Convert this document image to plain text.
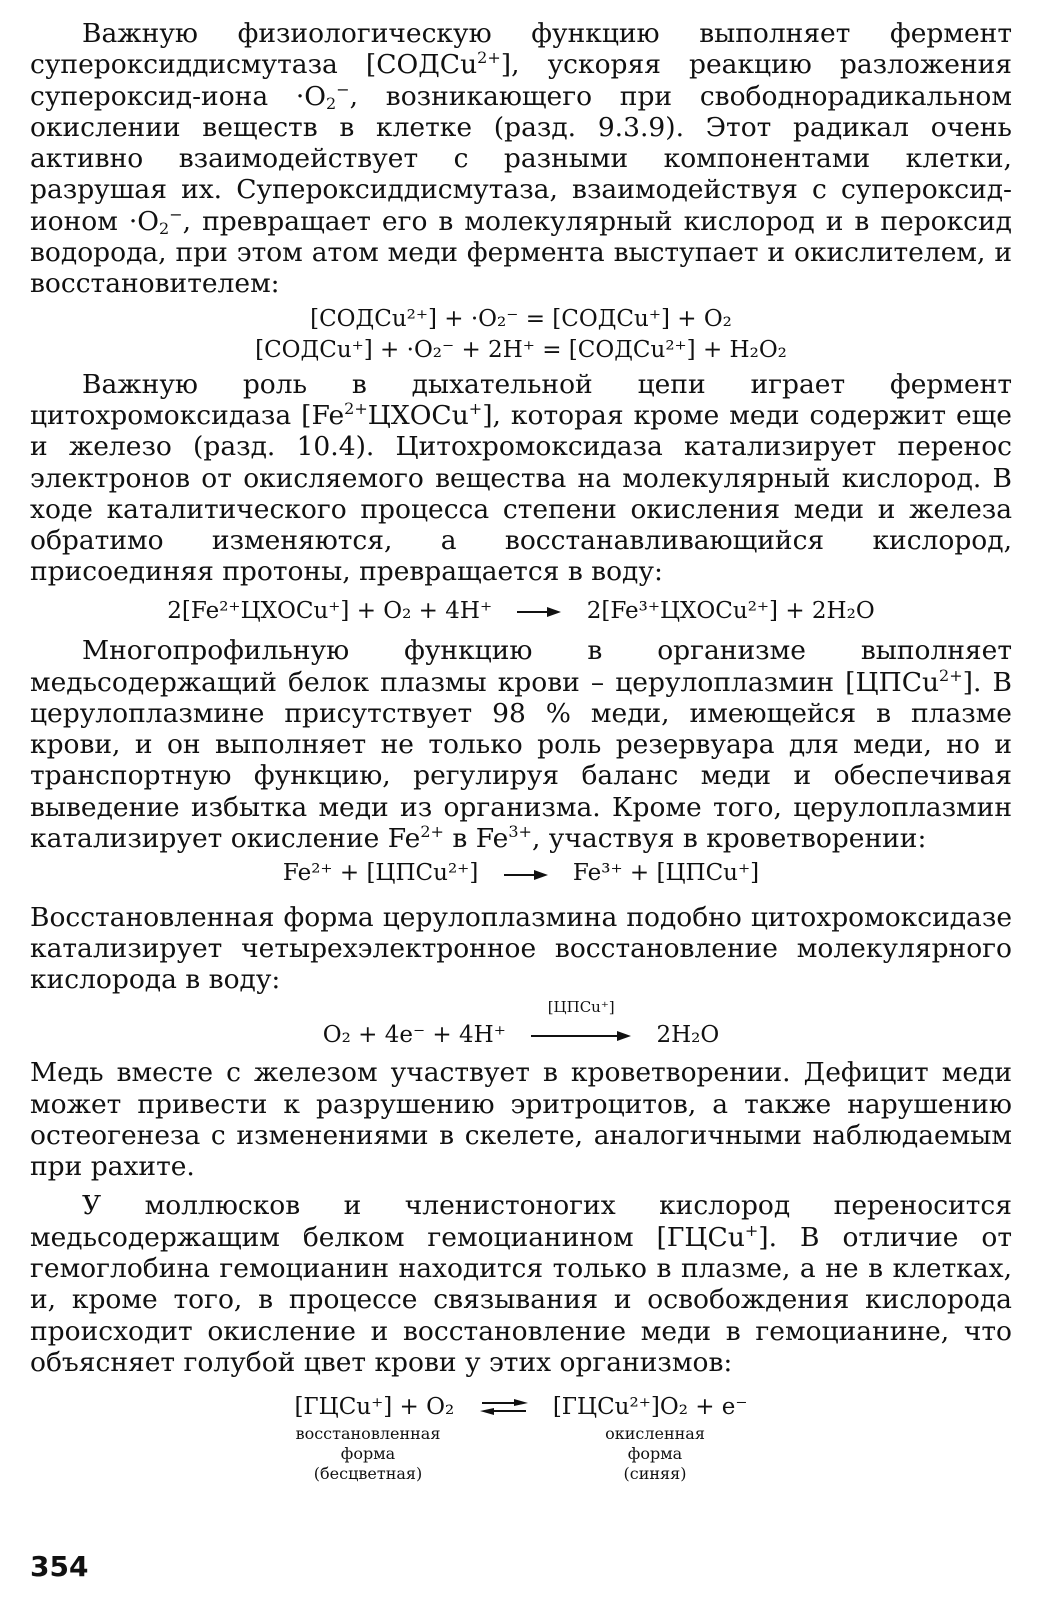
Важную физиологическую функцию выполняет фермент супероксиддисмутаза [СОДCu$^{2+}$], ускоряя реакцию разложения супероксид-иона $\cdot O_2^-$, возникающего при свободнорадикальном окислении веществ в клетке (разд. 9.3.9). Этот радикал очень активно взаимодействует с разными компонентами клетки, разрушая их. Супероксиддисмутаза, взаимодействуя с супероксид-ионом $\cdot O_2^-$, превращает его в молекулярный кислород и в пероксид водорода, при этом атом меди фермента выступает и окислителем, и восстановителем:

[СОДCu²⁺] + ·O₂⁻ = [СОДCu⁺] + O₂
[СОДCu⁺] + ·O₂⁻ + 2H⁺ = [СОДCu²⁺] + H₂O₂

Важную роль в дыхательной цепи играет фермент цитохромоксидаза $[Fe^{2+}ЦХОCu^+]$, которая кроме меди содержит еще и железо (разд. 10.4). Цитохромоксидаза катализирует перенос электронов от окисляемого вещества на молекулярный кислород. В ходе каталитического процесса степени окисления меди и железа обратимо изменяются, а восстанавливающийся кислород, присоединяя протоны, превращается в воду:

2[Fe²⁺ЦХОCu⁺] + O₂ + 4H⁺	2[Fe³⁺ЦХОCu²⁺] + 2H₂O

Многопрофильную функцию в организме выполняет медьсодержащий белок плазмы крови – церулоплазмин [ЦПCu$^{2+}$]. В церулоплазмине присутствует 98 % меди, имеющейся в плазме крови, и он выполняет не только роль резервуара для меди, но и транспортную функцию, регулируя баланс меди и обеспечивая выведение избытка меди из организма. Кроме того, церулоплазмин катализирует окисление $Fe^{2+}$ в $Fe^{3+}$, участвуя в кроветворении:

Fe²⁺ + [ЦПCu²⁺]	Fe³⁺ + [ЦПCu⁺]

Восстановленная форма церулоплазмина подобно цитохромоксидазе катализирует четырехэлектронное восстановление молекулярного кислорода в воду:

O₂ + 4e⁻ + 4H⁺
[ЦПCu⁺]
2H₂O

Медь вместе с железом участвует в кроветворении. Дефицит меди может привести к разрушению эритроцитов, а также нарушению остеогенеза с изменениями в скелете, аналогичными наблюдаемым при рахите.

У моллюсков и членистоногих кислород переносится медьсодержащим белком гемоцианином [ГЦCu+]. В отличие от гемоглобина гемоцианин находится только в плазме, а не в клетках, и, кроме того, в процессе связывания и освобождения кислорода происходит окисление и восстановление меди в гемоцианине, что объясняет голубой цвет крови у этих организмов:

[ГЦCu⁺] + O₂ ⇌ [ГЦCu²⁺]O₂ + e⁻
восстановленная
форма
(бесцветная)
окисленная
форма
(синяя)
354
